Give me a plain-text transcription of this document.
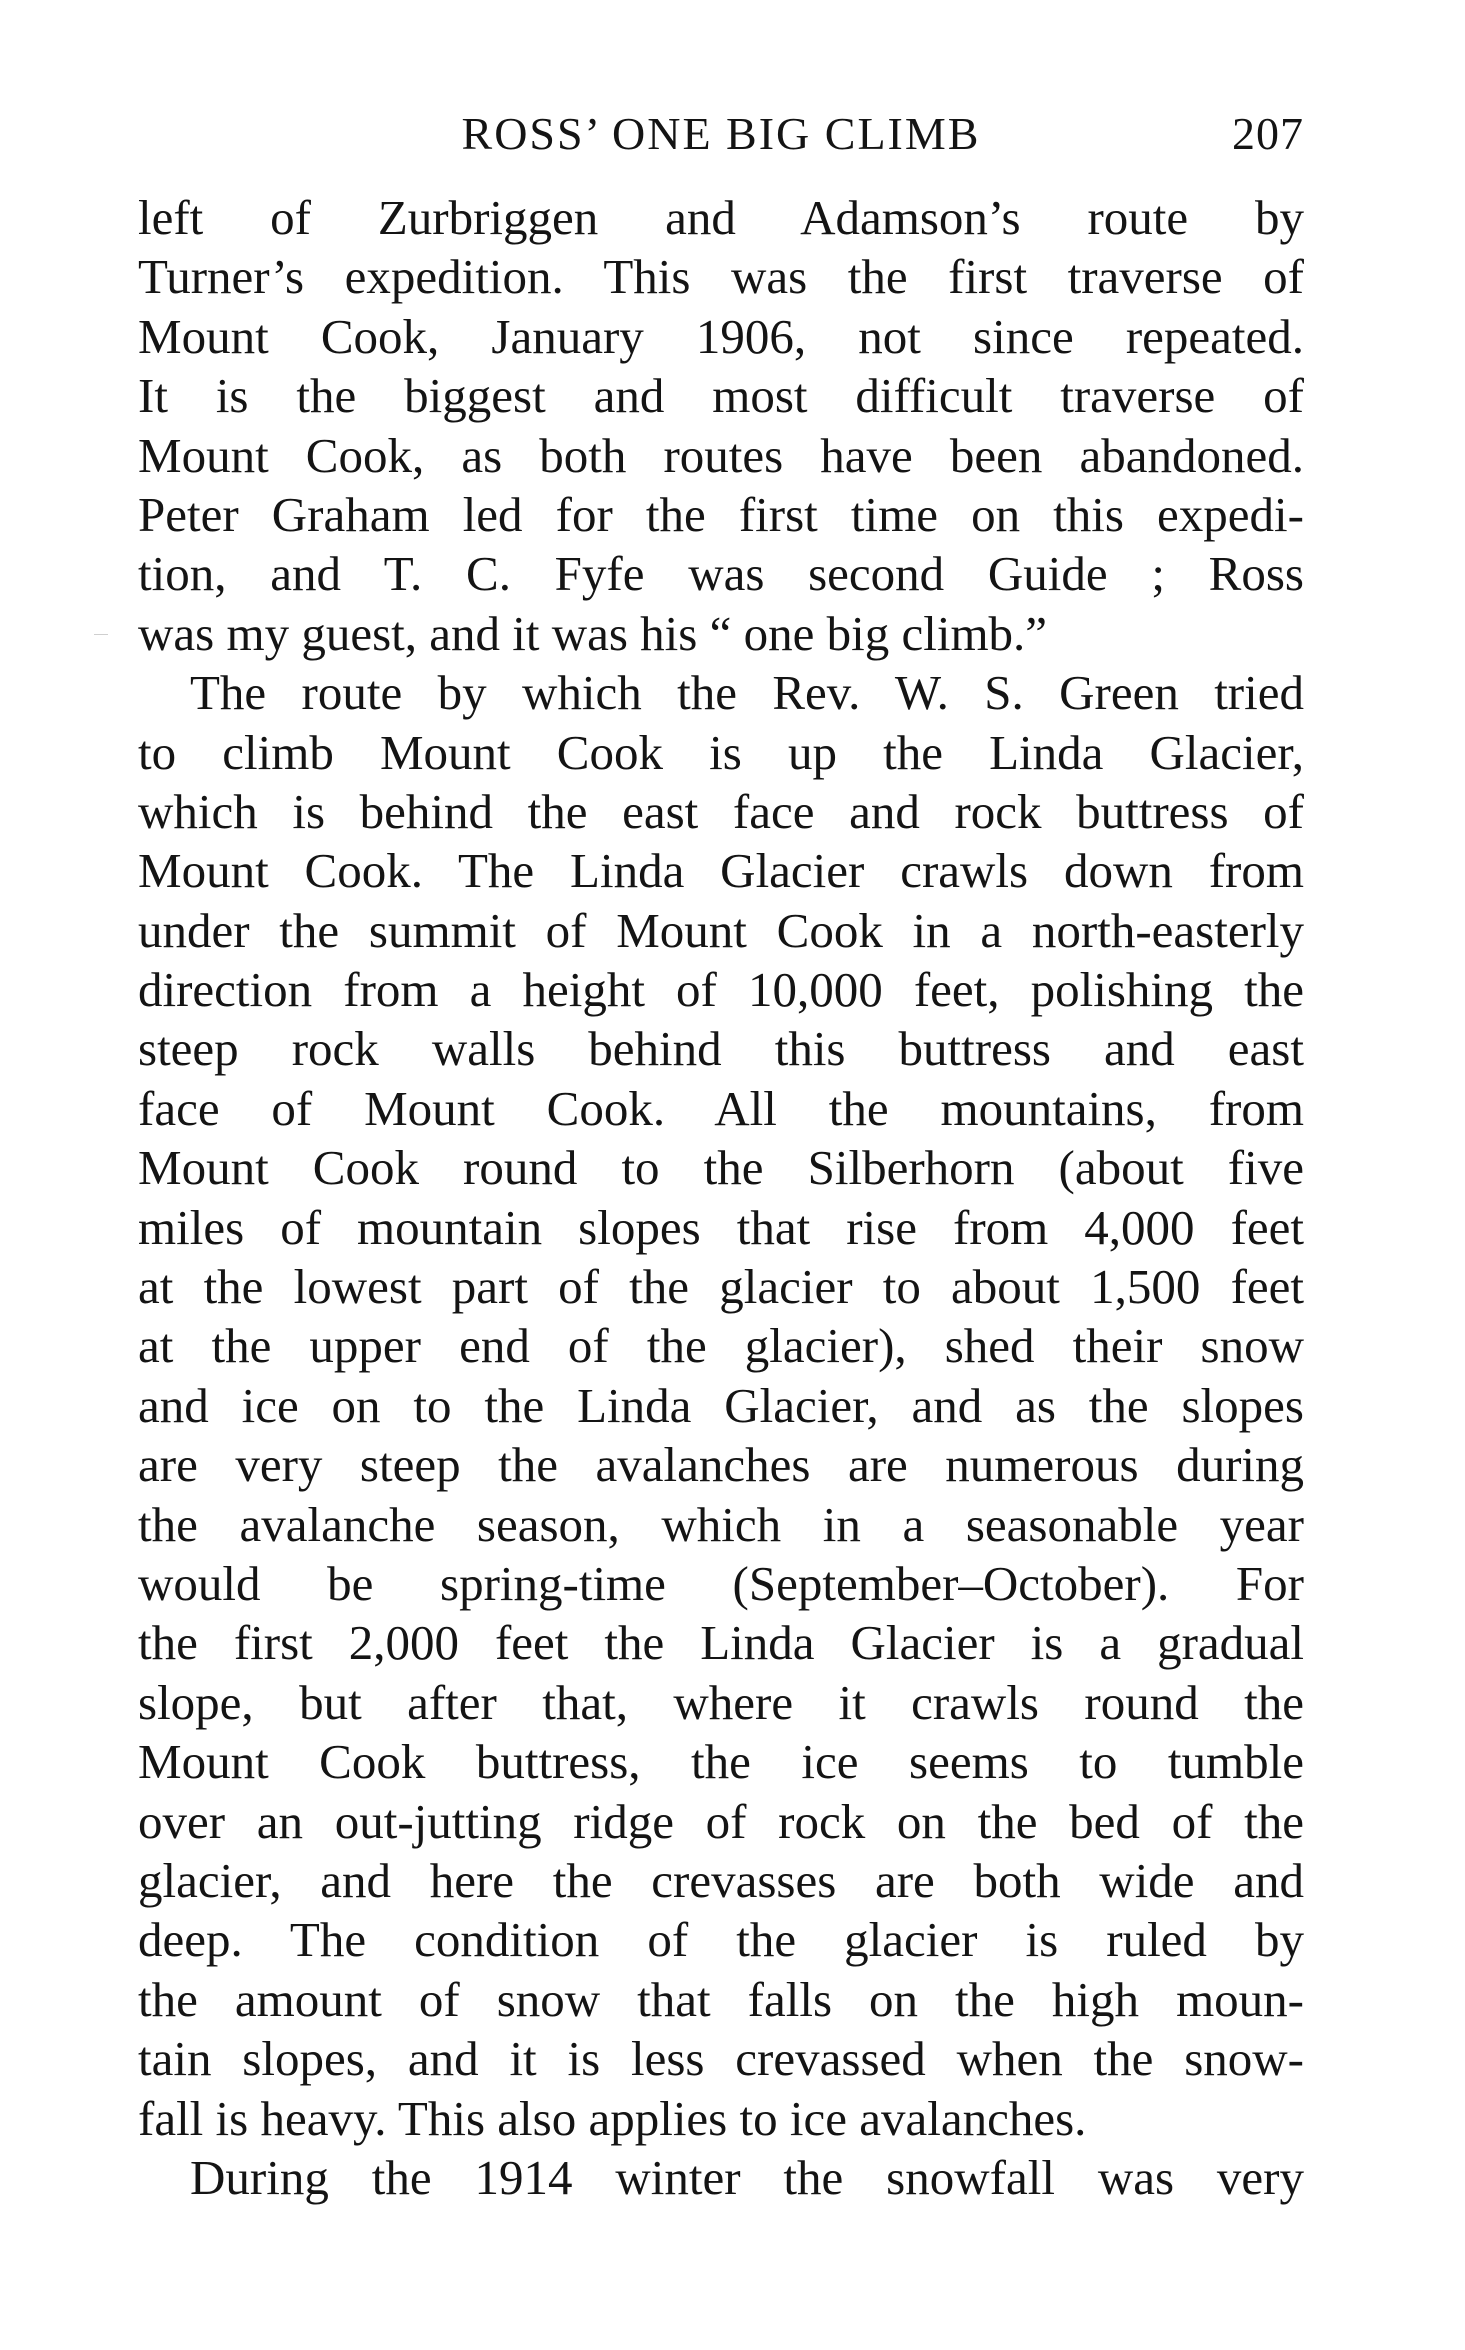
ROSS’ ONE BIG CLIMB	207
left of Zurbriggen and Adamson’s route by
Turner’s expedition. This was the first traverse of
Mount Cook, January 1906, not since repeated.
It is the biggest and most difficult traverse of
Mount Cook, as both routes have been abandoned.
Peter Graham led for the first time on this expedi-
tion, and T. C. Fyfe was second Guide ; Ross
was my guest, and it was his “ one big climb.”
The route by which the Rev. W. S. Green tried
to climb Mount Cook is up the Linda Glacier,
which is behind the east face and rock buttress of
Mount Cook. The Linda Glacier crawls down from
under the summit of Mount Cook in a north-easterly
direction from a height of 10,000 feet, polishing the
steep rock walls behind this buttress and east
face of Mount Cook. All the mountains, from
Mount Cook round to the Silberhorn (about five
miles of mountain slopes that rise from 4,000 feet
at the lowest part of the glacier to about 1,500 feet
at the upper end of the glacier), shed their snow
and ice on to the Linda Glacier, and as the slopes
are very steep the avalanches are numerous during
the avalanche season, which in a seasonable year
would be spring-time (September–October). For
the first 2,000 feet the Linda Glacier is a gradual
slope, but after that, where it crawls round the
Mount Cook buttress, the ice seems to tumble
over an out-jutting ridge of rock on the bed of the
glacier, and here the crevasses are both wide and
deep. The condition of the glacier is ruled by
the amount of snow that falls on the high moun-
tain slopes, and it is less crevassed when the snow-
fall is heavy. This also applies to ice avalanches.
During the 1914 winter the snowfall was very
